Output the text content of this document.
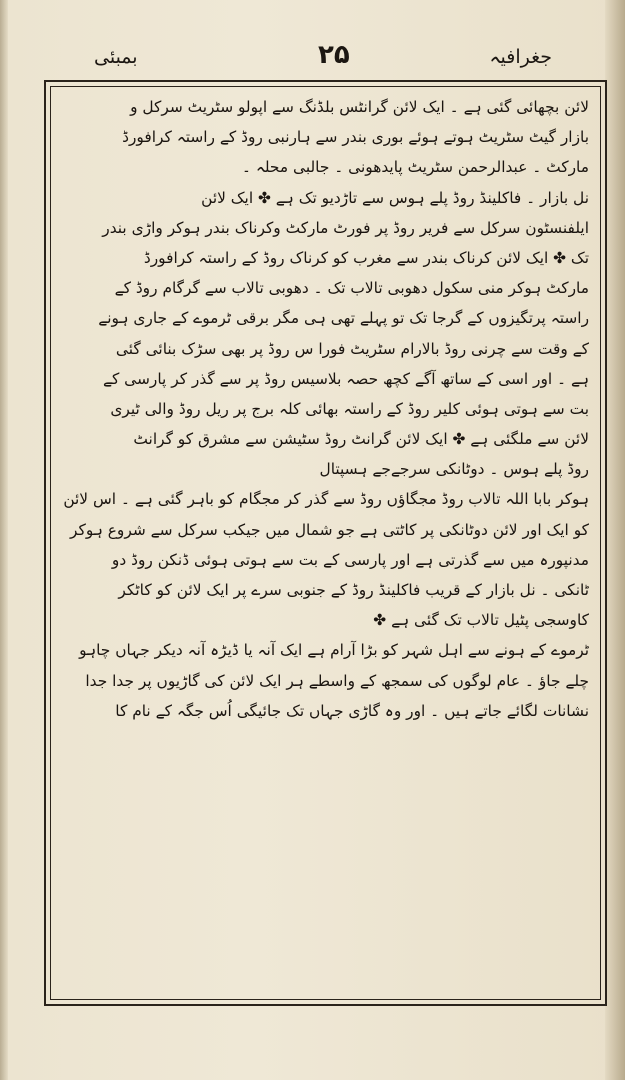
بمبئی	۲۵	جغرافیہ
لائن بچھائی گئی ہے ۔ ایک لائن گرانٹس بلڈنگ سے اپولو سٹریٹ سرکل و
بازار گیٹ سٹریٹ ہوتے ہوئے بوری بندر سے ہارنبی روڈ کے راستہ کرافورڈ
مارکٹ ۔ عبدالرحمن سٹریٹ پایدھونی ۔ جالبی محلہ ۔
نل بازار ۔ فاکلینڈ روڈ پلے ہوس سے تاڑدیو تک ہے ✤ ایک لائن
ایلفنسٹون سرکل سے فریر روڈ پر فورٹ مارکٹ وکرناک بندر ہوکر واڑی بندر
تک ✤ ایک لائن کرناک بندر سے مغرب کو کرناک روڈ کے راستہ کرافورڈ
مارکٹ ہوکر منی سکول دھوبی تالاب تک ۔ دھوبی تالاب سے گرگام روڈ کے
راستہ پرتگیزوں کے گرجا تک تو پہلے تھی ہی مگر برقی ٹرموے کے جاری ہونے
کے وقت سے چرنی روڈ بالارام سٹریٹ فورا س روڈ پر بھی سڑک بنائی گئی
ہے ۔ اور اسی کے ساتھ آگے کچھ حصہ بلاسیس روڈ پر سے گذر کر پارسی کے
بت سے ہوتی ہوئی کلیر روڈ کے راستہ بھائی کلہ برج پر ریل روڈ والی ٹیری
لائن سے ملگئی ہے ✤ ایک لائن گرانٹ روڈ سٹیشن سے مشرق کو گرانٹ
روڈ پلے ہوس ۔ دوٹانکی سرجےجے ہسپتال
ہوکر بابا اللہ تالاب روڈ مجگاؤں روڈ سے گذر کر مجگام کو باہر گئی ہے ۔ اس لائن
کو ایک اور لائن دوٹانکی پر کاٹتی ہے جو شمال میں جیکب سرکل سے شروع ہوکر
مدنپورہ میں سے گذرتی ہے اور پارسی کے بت سے ہوتی ہوئی ڈنکن روڈ دو
ٹانکی ۔ نل بازار کے قریب فاکلینڈ روڈ کے جنوبی سرے پر ایک لائن کو کاٹکر
کاوسجی پٹیل تالاب تک گئی ہے ✤
ٹرموے کے ہونے سے اہل شہر کو بڑا آرام ہے ایک آنہ یا ڈیڑہ آنہ دیکر جہاں چاہو
چلے جاؤ ۔ عام لوگوں کی سمجھ کے واسطے ہر ایک لائن کی گاڑیوں پر جدا جدا
نشانات لگائے جاتے ہیں ۔ اور وہ گاڑی جہاں تک جائیگی اُس جگہ کے نام کا
